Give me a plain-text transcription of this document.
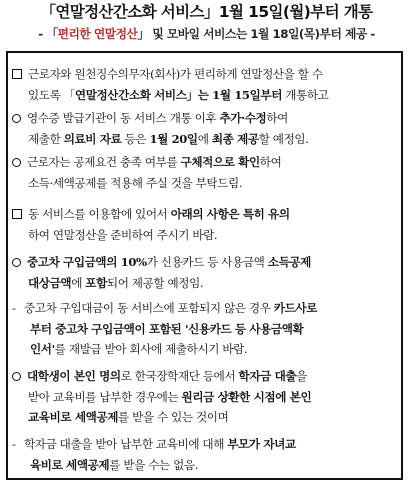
「연말정산간소화 서비스」1월 15일(월)부터 개통
- 「편리한 연말정산」 및 모바일 서비스는 1월 18일(목)부터 제공 -
근로자와 원천징수의무자(회사)가 편리하게 연말정산을 할 수
있도록 「연말정산간소화 서비스」는 1월 15일부터 개통하고
영수증 발급기관이 동 서비스 개통 이후 추가·수정하여
제출한 의료비 자료 등은 1월 20일에 최종 제공할 예정임.
근로자는 공제요건 충족 여부를 구체적으로 확인하여
소득·세액공제를 적용해 주실 것을 부탁드림.
동 서비스를 이용함에 있어서 아래의 사항은 특히 유의
하여 연말정산을 준비하여 주시기 바람.
중고차 구입금액의 10%가 신용카드 등 사용금액 소득공제
대상금액에 포함되어 제공할 예정임.
- 중고차 구입대금이 동 서비스에 포함되지 않은 경우 카드사로
부터 중고차 구입금액이 포함된 '신용카드 등 사용금액확
인서'를 재발급 받아 회사에 제출하시기 바람.
대학생이 본인 명의로 한국장학재단 등에서 학자금 대출을
받아 교육비를 납부한 경우에는 원리금 상환한 시점에 본인
교육비로 세액공제를 받을 수 있는 것이며
- 학자금 대출을 받아 납부한 교육비에 대해 부모가 자녀교
육비로 세액공제를 받을 수는 없음.
